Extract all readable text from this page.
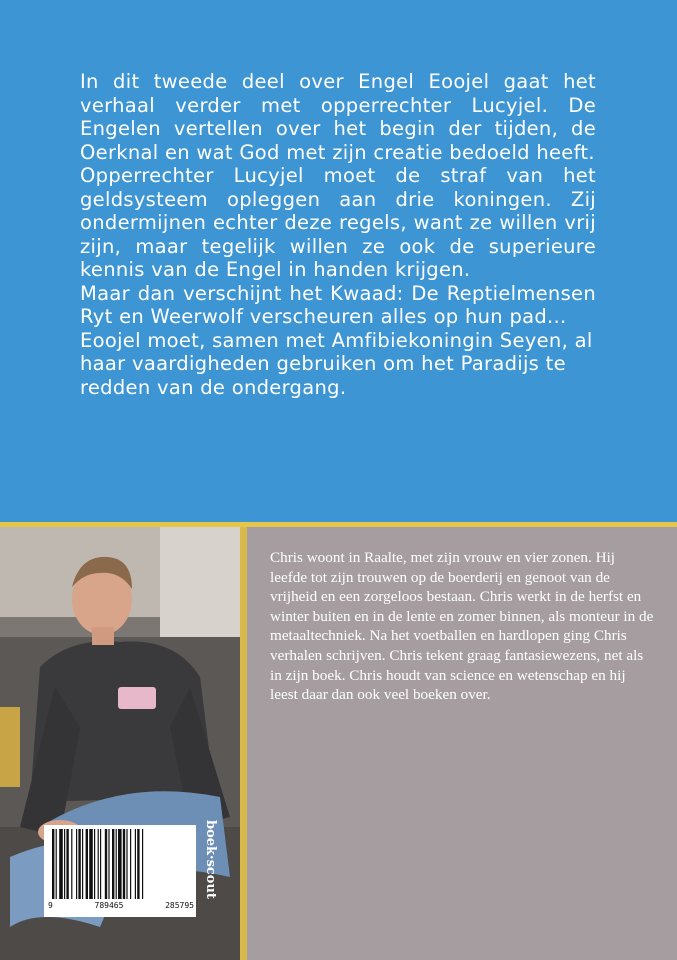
In dit tweede deel over Engel Eoojel gaat het verhaal verder met opperrechter Lucyjel. De Engelen vertellen over het begin der tijden, de Oerknal en wat God met zijn creatie bedoeld heeft.

Opperrechter Lucyjel moet de straf van het geldsysteem opleggen aan drie koningen. Zij ondermijnen echter deze regels, want ze willen vrij zijn, maar tegelijk willen ze ook de superieure kennis van de Engel in handen krijgen.

Maar dan verschijnt het Kwaad: De Reptielmensen Ryt en Weerwolf verscheuren alles op hun pad...

Eoojel moet, samen met Amfibiekoningin Seyen, al haar vaardigheden gebruiken om het Paradijs te redden van de ondergang.

Chris woont in Raalte, met zijn vrouw en vier zonen. Hij leefde tot zijn trouwen op de boerderij en genoot van de vrijheid en een zorgeloos bestaan. Chris werkt in de herfst en winter buiten en in de lente en zomer binnen, als monteur in de metaaltechniek. Na het voetballen en hardlopen ging Chris verhalen schrijven. Chris tekent graag fantasiewezens, net als in zijn boek. Chris houdt van science en wetenschap en hij leest daar dan ook veel boeken over.

9	789465	285795
boek·scout
